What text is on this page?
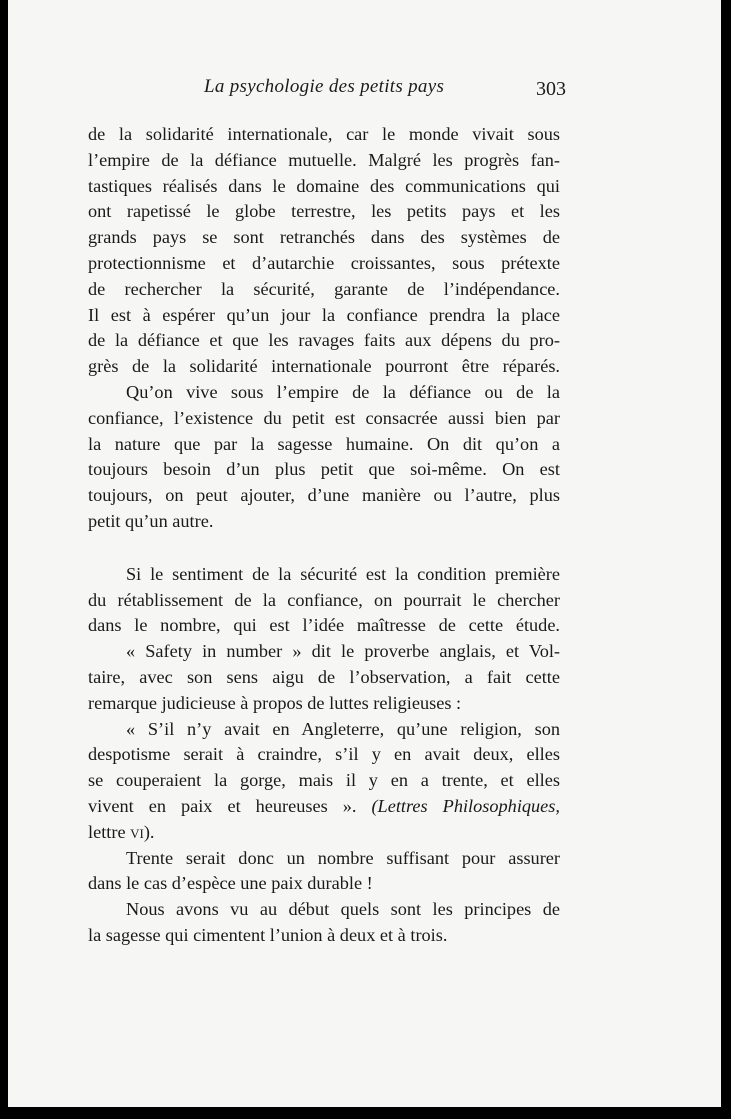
La psychologie des petits pays	303
de la solidarité internationale, car le monde vivait sous
l’empire de la défiance mutuelle. Malgré les progrès fan-
tastiques réalisés dans le domaine des communications qui
ont rapetissé le globe terrestre, les petits pays et les
grands pays se sont retranchés dans des systèmes de
protectionnisme et d’autarchie croissantes, sous prétexte
de rechercher la sécurité, garante de l’indépendance.
Il est à espérer qu’un jour la confiance prendra la place
de la défiance et que les ravages faits aux dépens du pro-
grès de la solidarité internationale pourront être réparés.
Qu’on vive sous l’empire de la défiance ou de la
confiance, l’existence du petit est consacrée aussi bien par
la nature que par la sagesse humaine. On dit qu’on a
toujours besoin d’un plus petit que soi-même. On est
toujours, on peut ajouter, d’une manière ou l’autre, plus
petit qu’un autre.
Si le sentiment de la sécurité est la condition première
du rétablissement de la confiance, on pourrait le chercher
dans le nombre, qui est l’idée maîtresse de cette étude.
« Safety in number » dit le proverbe anglais, et Vol-
taire, avec son sens aigu de l’observation, a fait cette
remarque judicieuse à propos de luttes religieuses :
« S’il n’y avait en Angleterre, qu’une religion, son
despotisme serait à craindre, s’il y en avait deux, elles
se couperaient la gorge, mais il y en a trente, et elles
vivent en paix et heureuses ». (Lettres Philosophiques,
lettre vi).
Trente serait donc un nombre suffisant pour assurer
dans le cas d’espèce une paix durable !
Nous avons vu au début quels sont les principes de
la sagesse qui cimentent l’union à deux et à trois.
